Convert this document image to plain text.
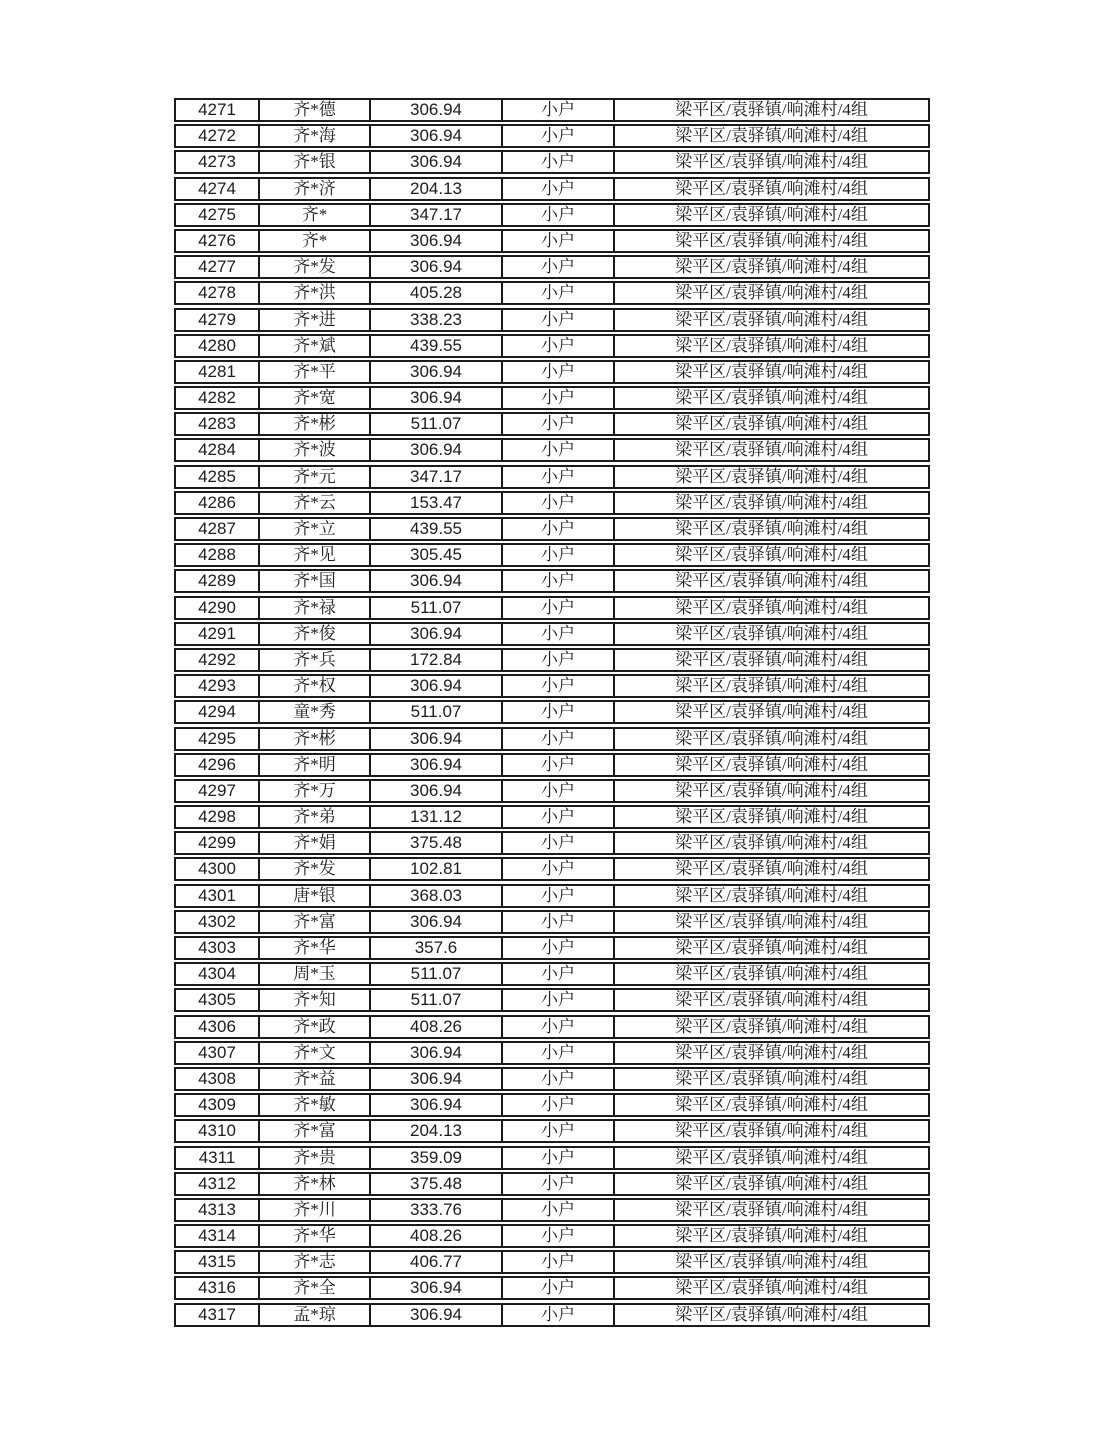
4271	齐*德	306.94	小户	梁平区/袁驿镇/响滩村/4组
4272	齐*海	306.94	小户	梁平区/袁驿镇/响滩村/4组
4273	齐*银	306.94	小户	梁平区/袁驿镇/响滩村/4组
4274	齐*济	204.13	小户	梁平区/袁驿镇/响滩村/4组
4275	齐*	347.17	小户	梁平区/袁驿镇/响滩村/4组
4276	齐*	306.94	小户	梁平区/袁驿镇/响滩村/4组
4277	齐*发	306.94	小户	梁平区/袁驿镇/响滩村/4组
4278	齐*洪	405.28	小户	梁平区/袁驿镇/响滩村/4组
4279	齐*进	338.23	小户	梁平区/袁驿镇/响滩村/4组
4280	齐*斌	439.55	小户	梁平区/袁驿镇/响滩村/4组
4281	齐*平	306.94	小户	梁平区/袁驿镇/响滩村/4组
4282	齐*宽	306.94	小户	梁平区/袁驿镇/响滩村/4组
4283	齐*彬	511.07	小户	梁平区/袁驿镇/响滩村/4组
4284	齐*波	306.94	小户	梁平区/袁驿镇/响滩村/4组
4285	齐*元	347.17	小户	梁平区/袁驿镇/响滩村/4组
4286	齐*云	153.47	小户	梁平区/袁驿镇/响滩村/4组
4287	齐*立	439.55	小户	梁平区/袁驿镇/响滩村/4组
4288	齐*见	305.45	小户	梁平区/袁驿镇/响滩村/4组
4289	齐*国	306.94	小户	梁平区/袁驿镇/响滩村/4组
4290	齐*禄	511.07	小户	梁平区/袁驿镇/响滩村/4组
4291	齐*俊	306.94	小户	梁平区/袁驿镇/响滩村/4组
4292	齐*兵	172.84	小户	梁平区/袁驿镇/响滩村/4组
4293	齐*权	306.94	小户	梁平区/袁驿镇/响滩村/4组
4294	童*秀	511.07	小户	梁平区/袁驿镇/响滩村/4组
4295	齐*彬	306.94	小户	梁平区/袁驿镇/响滩村/4组
4296	齐*明	306.94	小户	梁平区/袁驿镇/响滩村/4组
4297	齐*万	306.94	小户	梁平区/袁驿镇/响滩村/4组
4298	齐*弟	131.12	小户	梁平区/袁驿镇/响滩村/4组
4299	齐*娟	375.48	小户	梁平区/袁驿镇/响滩村/4组
4300	齐*发	102.81	小户	梁平区/袁驿镇/响滩村/4组
4301	唐*银	368.03	小户	梁平区/袁驿镇/响滩村/4组
4302	齐*富	306.94	小户	梁平区/袁驿镇/响滩村/4组
4303	齐*华	357.6	小户	梁平区/袁驿镇/响滩村/4组
4304	周*玉	511.07	小户	梁平区/袁驿镇/响滩村/4组
4305	齐*知	511.07	小户	梁平区/袁驿镇/响滩村/4组
4306	齐*政	408.26	小户	梁平区/袁驿镇/响滩村/4组
4307	齐*文	306.94	小户	梁平区/袁驿镇/响滩村/4组
4308	齐*益	306.94	小户	梁平区/袁驿镇/响滩村/4组
4309	齐*敏	306.94	小户	梁平区/袁驿镇/响滩村/4组
4310	齐*富	204.13	小户	梁平区/袁驿镇/响滩村/4组
4311	齐*贵	359.09	小户	梁平区/袁驿镇/响滩村/4组
4312	齐*林	375.48	小户	梁平区/袁驿镇/响滩村/4组
4313	齐*川	333.76	小户	梁平区/袁驿镇/响滩村/4组
4314	齐*华	408.26	小户	梁平区/袁驿镇/响滩村/4组
4315	齐*志	406.77	小户	梁平区/袁驿镇/响滩村/4组
4316	齐*全	306.94	小户	梁平区/袁驿镇/响滩村/4组
4317	孟*琼	306.94	小户	梁平区/袁驿镇/响滩村/4组
